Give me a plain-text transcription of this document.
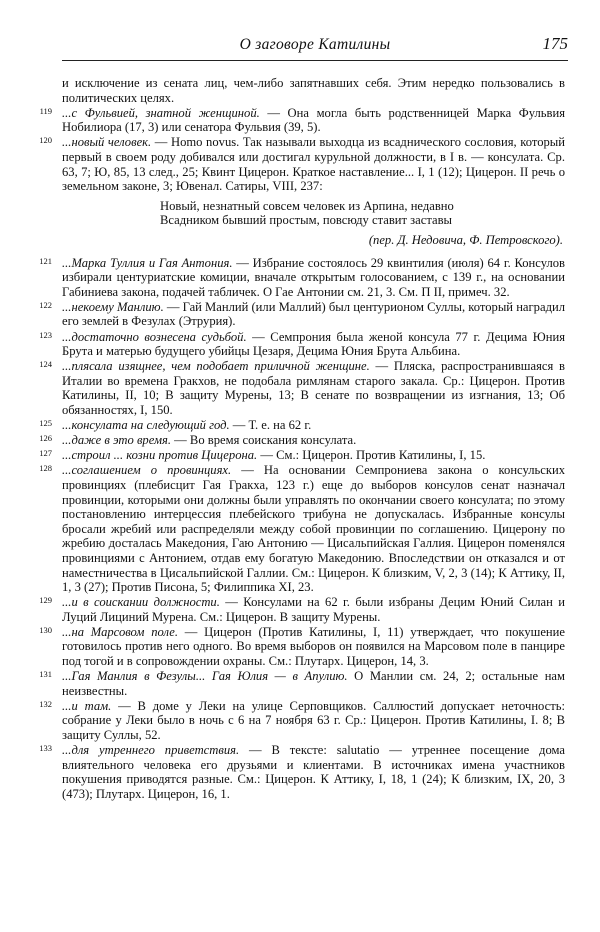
О заговоре Катилины	175

и исключение из сената лиц, чем-либо запятнавших себя. Этим нередко пользовались в политических целях.

119 ...с Фульвией, знатной женщиной. — Она могла быть родственницей Марка Фульвия Нобилиора (17, 3) или сенатора Фульвия (39, 5).

120 ...новый человек. — Homo novus. Так называли выходца из всаднического сословия, который первый в своем роду добивался или достигал курульной должности, в I в. — консулата. Ср. 63, 7; Ю, 85, 13 след., 25; Квинт Цицерон. Краткое наставление... I, 1 (12); Цицерон. II речь о земельном законе, 3; Ювенал. Сатиры, VIII, 237:

Новый, незнатный совсем человек из Арпина, недавно
Всадником бывший простым, повсюду ставит заставы
(пер. Д. Недовича, Ф. Петровского).

121 ...Марка Туллия и Гая Антония. — Избрание состоялось 29 квинтилия (июля) 64 г. Консулов избирали центуриатские комиции, вначале открытым голосованием, с 139 г., на основании Габиниева закона, подачей табличек. О Гае Антонии см. 21, 3. См. П II, примеч. 32.

122 ...некоему Манлию. — Гай Манлий (или Маллий) был центурионом Суллы, который наградил его землей в Фезулах (Этрурия).

123 ...достаточно вознесена судьбой. — Семпрония была женой консула 77 г. Децима Юния Брута и матерью будущего убийцы Цезаря, Децима Юния Брута Альбина.

124 ...плясала изящнее, чем подобает приличной женщине. — Пляска, распространившаяся в Италии во времена Гракхов, не подобала римлянам старого закала. Ср.: Цицерон. Против Катилины, II, 10; В защиту Мурены, 13; В сенате по возвращении из изгнания, 13; Об обязанностях, I, 150.

125 ...консулата на следующий год. — Т. е. на 62 г.

126 ...даже в это время. — Во время соискания консулата.

127 ...строил ... козни против Цицерона. — См.: Цицерон. Против Катилины, I, 15.

128 ...соглашением о провинциях. — На основании Семпрониева закона о консульских провинциях (плебисцит Гая Гракха, 123 г.) еще до выборов консулов сенат назначал провинции, которыми они должны были управлять по окончании своего консулата; по этому постановлению интерцессия плебейского трибуна не допускалась. Избранные консулы бросали жребий или распределяли между собой провинции по соглашению. Цицерону по жребию досталась Македония, Гаю Антонию — Цисальпийская Галлия. Цицерон поменялся провинциями с Антонием, отдав ему богатую Македонию. Впоследствии он отказался и от наместничества в Цисальпийской Галлии. См.: Цицерон. К близким, V, 2, 3 (14); К Аттику, II, 1, 3 (27); Против Писона, 5; Филиппика XI, 23.

129 ...и в соискании должности. — Консулами на 62 г. были избраны Децим Юний Силан и Луций Лициний Мурена. См.: Цицерон. В защиту Мурены.

130 ...на Марсовом поле. — Цицерон (Против Катилины, I, 11) утверждает, что покушение готовилось против него одного. Во время выборов он появился на Марсовом поле в панцире под тогой и в сопровождении охраны. См.: Плутарх. Цицерон, 14, 3.

131 ...Гая Манлия в Фезулы... Гая Юлия — в Апулию. О Манлии см. 24, 2; остальные нам неизвестны.

132 ...и там. — В доме у Леки на улице Серповщиков. Саллюстий допускает неточность: собрание у Леки было в ночь с 6 на 7 ноября 63 г. Ср.: Цицерон. Против Катилины, I. 8; В защиту Суллы, 52.

133 ...для утреннего приветствия. — В тексте: salutatio — утреннее посещение дома влиятельного человека его друзьями и клиентами. В источниках имена участников покушения приводятся разные. См.: Цицерон. К Аттику, I, 18, 1 (24); К близким, IX, 20, 3 (473); Плутарх. Цицерон, 16, 1.
